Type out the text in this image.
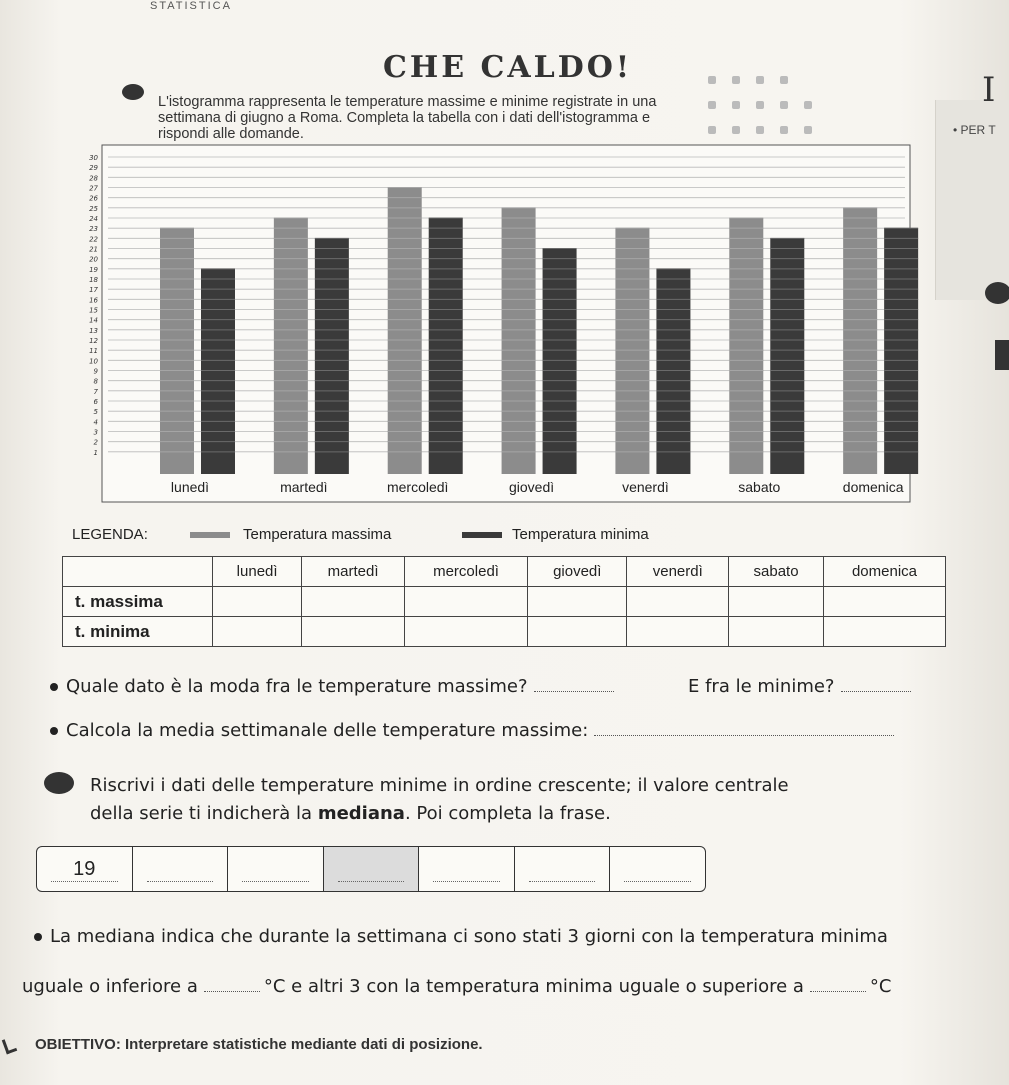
STATISTICA
CHE CALDO!
I
• PER T

L'istogramma rappresenta le temperature massime e minime registrate in una settimana di giugno a Roma. Completa la tabella con i dati dell'istogramma e rispondi alle domande.
1
2
3
4
5
6
7
8
9
10
11
12
13
14
15
16
17
18
19
20
21
22
23
24
25
26
27
28
29
30
lunedì	martedì	mercoledì	giovedì	venerdì	sabato	domenica
LEGENDA:	Temperatura massima	Temperatura minima
	lunedì	martedì	mercoledì	giovedì	venerdì	sabato	domenica
t. massima							
t. minima							
Quale dato è la moda fra le temperature massime?	E fra le minime?
Calcola la media settimanale delle temperature massime:
Riscrivi i dati delle temperature minime in ordine crescente; il valore centrale
della serie ti indicherà la mediana. Poi completa la frase.
19
La mediana indica che durante la settimana ci sono stati 3 giorni con la temperatura minima
uguale o inferiore a	°C e altri 3 con la temperatura minima uguale o superiore a	°C
OBIETTIVO: Interpretare statistiche mediante dati di posizione.
